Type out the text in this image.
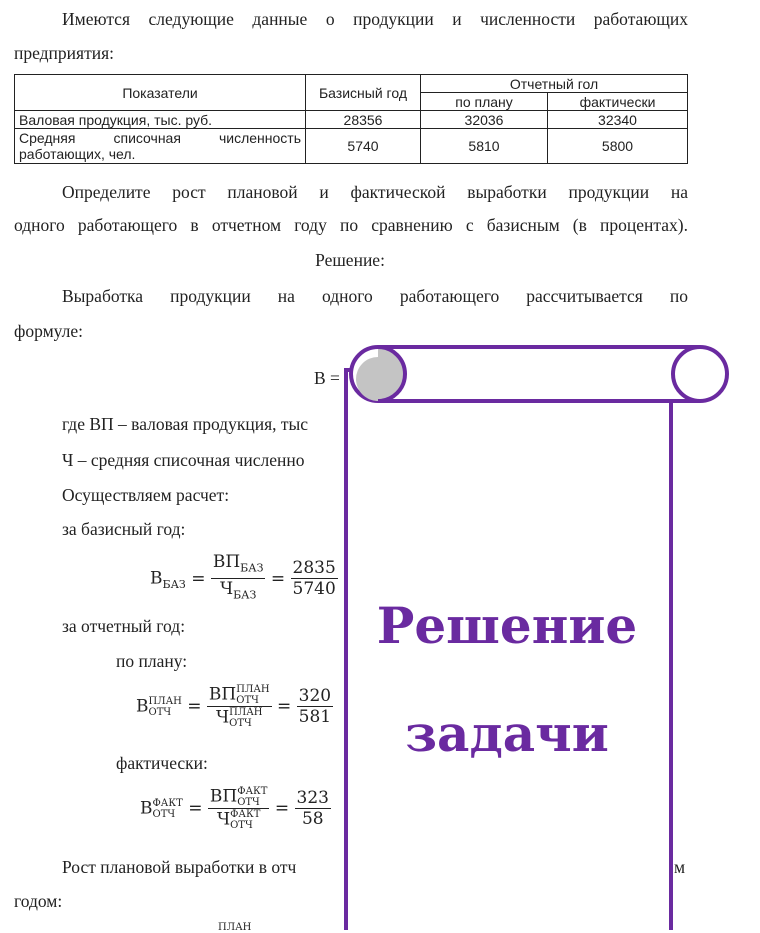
Имеются следующие данные о продукции и численности работающих
предприятия:
Показатели	Базисный год	Отчетный гол	
		по плану	фактически
Валовая продукция, тыс. руб.	28356	32036	32340

Средняя списочная численность
работающих, чел.	5740	5810	5800
Определите рост плановой и фактической выработки продукции на
одного работающего в отчетном году по сравнению с базисным (в процентах).
Решение:
Выработка продукции на одного работающего рассчитывается по
формуле:
В =
где ВП – валовая продукция, тыс
Ч – средняя списочная численно
Осуществляем расчет:
за базисный год:
$В_{БАЗ} = \frac{ВП_{БАЗ}}{Ч_{БАЗ}} = \frac{2835}{5740}$
за отчетный год:
по плану:
ВПЛАН
ОТЧ =
ВППЛАН
ОТЧ
ЧПЛАН
ОТЧ
= $\frac{320}{581}$
фактически:
ВФАКТ
ОТЧ =
ВПФАКТ
ОТЧ
ЧФАКТ
ОТЧ
= $\frac{323}{58}$
Рост плановой выработки в отч	м
годом:
ПЛАН
Решение
задачи
